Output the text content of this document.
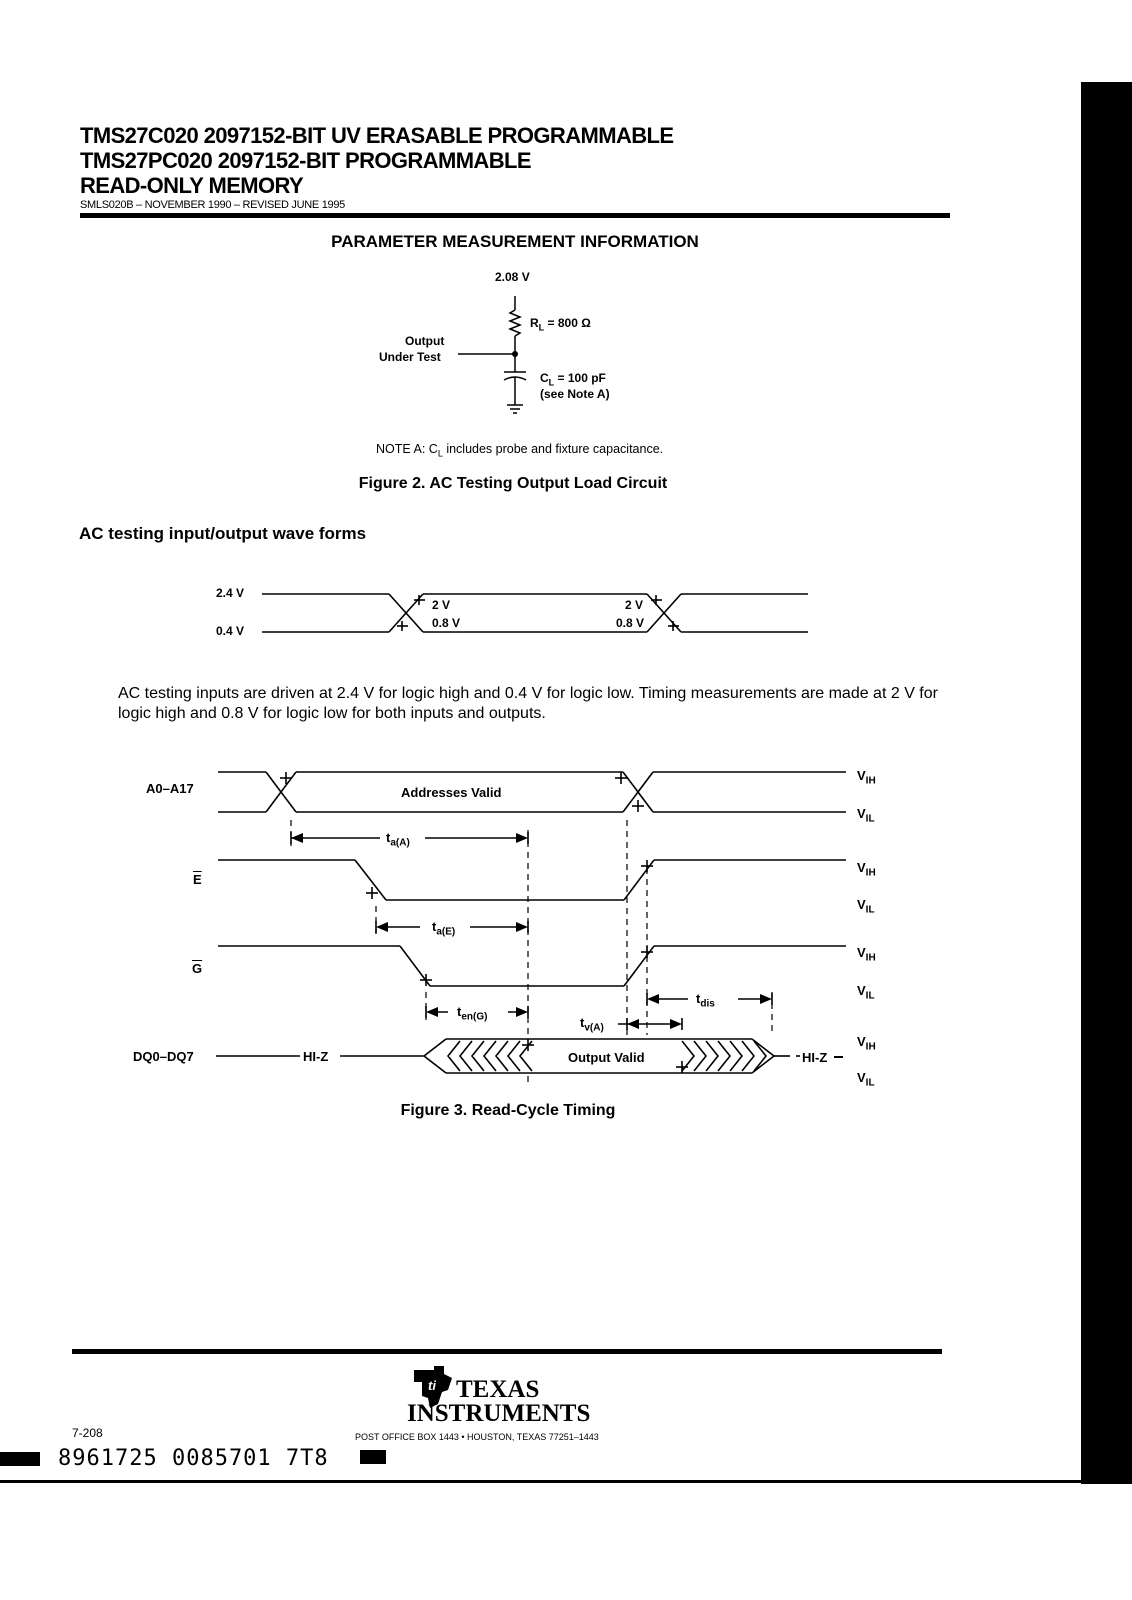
TMS27C020 2097152-BIT UV ERASABLE PROGRAMMABLE
TMS27PC020 2097152-BIT PROGRAMMABLE
READ-ONLY MEMORY
SMLS020B – NOVEMBER 1990 – REVISED JUNE 1995
PARAMETER MEASUREMENT INFORMATION
2.08 V
$R_L = 800$ Ω
Output
Under Test
$C_L = 100$ pF
(see Note A)
NOTE A: $C_L$ includes probe and fixture capacitance.
Figure 2. AC Testing Output Load Circuit
AC testing input/output wave forms
2.4 V
0.4 V
2 V
0.8 V
2 V
0.8 V
AC testing inputs are driven at 2.4 V for logic high and 0.4 V for logic low. Timing measurements are made at 2 V for logic high and 0.8 V for logic low for both inputs and outputs.
A0–A17
$\overline{E}$
$\overline{G}$
DQ0–DQ7
Addresses Valid
Output Valid
HI-Z	HI-Z
$t_{a(A)}$
$t_{a(E)}$
$t_{en(G)}$	$t_{v(A)}$
$t_{dis}$
$V_{IH}$
$V_{IL}$
$V_{IH}$
$V_{IL}$
$V_{IH}$
$V_{IL}$
$V_{IH}$
$V_{IL}$
Figure 3. Read-Cycle Timing
ti TEXAS
INSTRUMENTS
7-208	POST OFFICE BOX 1443 • HOUSTON, TEXAS 77251–1443
8961725 0085701 7T8
